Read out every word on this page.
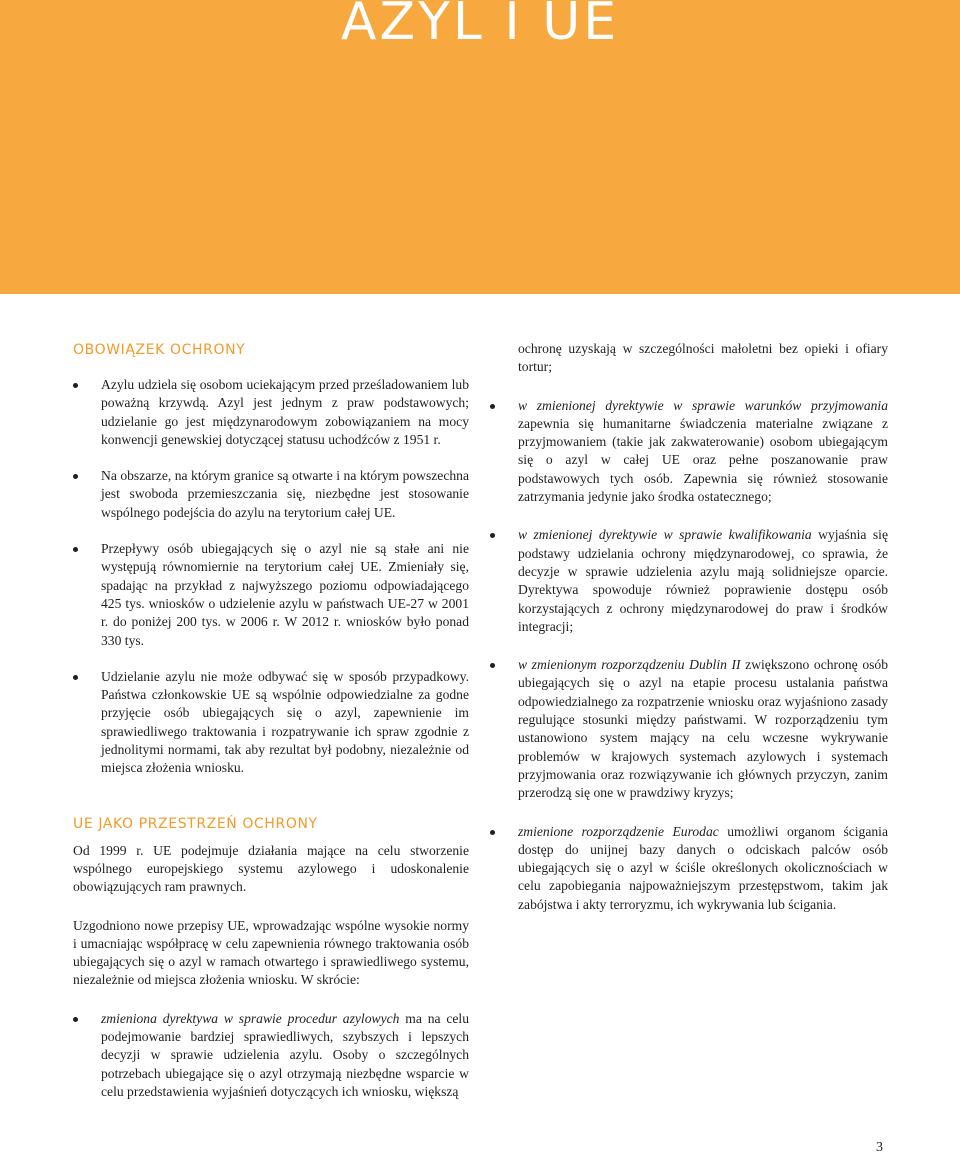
AZYL I UE
OBOWIĄZEK OCHRONY

Azylu udziela się osobom uciekającym przed prześladowaniem lub poważną krzywdą. Azyl jest jednym z praw podstawowych; udzielanie go jest międzynarodowym zobowiązaniem na mocy konwencji genewskiej dotyczącej statusu uchodźców z 1951 r.

Na obszarze, na którym granice są otwarte i na którym powszechna jest swoboda przemieszczania się, niezbędne jest stosowanie wspólnego podejścia do azylu na terytorium całej UE.

Przepływy osób ubiegających się o azyl nie są stałe ani nie występują równomiernie na terytorium całej UE. Zmieniały się, spadając na przykład z najwyższego poziomu odpowiadającego 425 tys. wniosków o udzielenie azylu w państwach UE-27 w 2001 r. do poniżej 200 tys. w 2006 r. W 2012 r. wniosków było ponad 330 tys.

Udzielanie azylu nie może odbywać się w sposób przypadkowy. Państwa członkowskie UE są wspólnie odpowiedzialne za godne przyjęcie osób ubiegających się o azyl, zapewnienie im sprawiedliwego traktowania i rozpatrywanie ich spraw zgodnie z jednolitymi normami, tak aby rezultat był podobny, niezależnie od miejsca złożenia wniosku.

UE JAKO PRZESTRZEŃ OCHRONY

Od 1999 r. UE podejmuje działania mające na celu stworzenie wspólnego europejskiego systemu azylowego i udoskonalenie obowiązujących ram prawnych.

Uzgodniono nowe przepisy UE, wprowadzając wspólne wysokie normy i umacniając współpracę w celu zapewnienia równego traktowania osób ubiegających się o azyl w ramach otwartego i sprawiedliwego systemu, niezależnie od miejsca złożenia wniosku. W skrócie:

zmieniona dyrektywa w sprawie procedur azylowych ma na celu podejmowanie bardziej sprawiedliwych, szybszych i lepszych decyzji w sprawie udzielenia azylu. Osoby o szczególnych potrzebach ubiegające się o azyl otrzymają niezbędne wsparcie w celu przedstawienia wyjaśnień dotyczących ich wniosku, większą

ochronę uzyskają w szczególności małoletni bez opieki i ofiary tortur;

w zmienionej dyrektywie w sprawie warunków przyjmowania zapewnia się humanitarne świadczenia materialne związane z przyjmowaniem (takie jak zakwaterowanie) osobom ubiegającym się o azyl w całej UE oraz pełne poszanowanie praw podstawowych tych osób. Zapewnia się również stosowanie zatrzymania jedynie jako środka ostatecznego;

w zmienionej dyrektywie w sprawie kwalifikowania wyjaśnia się podstawy udzielania ochrony międzynarodowej, co sprawia, że decyzje w sprawie udzielenia azylu mają solidniejsze oparcie. Dyrektywa spowoduje również poprawienie dostępu osób korzystających z ochrony międzynarodowej do praw i środków integracji;

w zmienionym rozporządzeniu Dublin II zwiększono ochronę osób ubiegających się o azyl na etapie procesu ustalania państwa odpowiedzialnego za rozpatrzenie wniosku oraz wyjaśniono zasady regulujące stosunki między państwami. W rozporządzeniu tym ustanowiono system mający na celu wczesne wykrywanie problemów w krajowych systemach azylowych i systemach przyjmowania oraz rozwiązywanie ich głównych przyczyn, zanim przerodzą się one w prawdziwy kryzys;

zmienione rozporządzenie Eurodac umożliwi organom ścigania dostęp do unijnej bazy danych o odciskach palców osób ubiegających się o azyl w ściśle określonych okolicznościach w celu zapobiegania najpoważniejszym przestępstwom, takim jak zabójstwa i akty terroryzmu, ich wykrywania lub ścigania.

3
